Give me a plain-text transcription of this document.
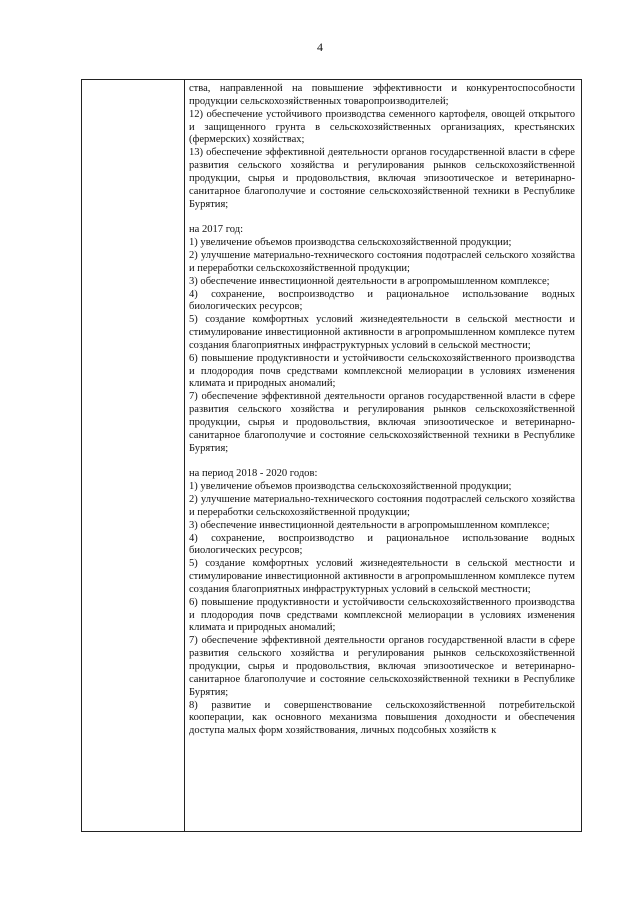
4

ства, направленной на повышение эффективности и конкурентоспособности продукции сельскохозяйственных товаропроизводителей;

12) обеспечение устойчивого производства семенного картофеля, овощей открытого и защищенного грунта в сельскохозяйственных организациях, крестьянских (фермерских) хозяйствах;

13) обеспечение эффективной деятельности органов государственной власти в сфере развития сельского хозяйства и регулирования рынков сельскохозяйственной продукции, сырья и продовольствия, включая эпизоотическое и ветеринарно-санитарное благополучие и состояние сельскохозяйственной техники в Республике Бурятия;

на 2017 год:

1) увеличение объемов производства сельскохозяйственной продукции;

2) улучшение материально-технического состояния подотраслей сельского хозяйства и переработки сельскохозяйственной продукции;

3) обеспечение инвестиционной деятельности в агропромышленном комплексе;

4) сохранение, воспроизводство и рациональное использование водных биологических ресурсов;

5) создание комфортных условий жизнедеятельности в сельской местности и стимулирование инвестиционной активности в агропромышленном комплексе путем создания благоприятных инфраструктурных условий в сельской местности;

6) повышение продуктивности и устойчивости сельскохозяйственного производства и плодородия почв средствами комплексной мелиорации в условиях изменения климата и природных аномалий;

7) обеспечение эффективной деятельности органов государственной власти в сфере развития сельского хозяйства и регулирования рынков сельскохозяйственной продукции, сырья и продовольствия, включая эпизоотическое и ветеринарно-санитарное благополучие и состояние сельскохозяйственной техники в Республике Бурятия;

на период 2018 - 2020 годов:

1) увеличение объемов производства сельскохозяйственной продукции;

2) улучшение материально-технического состояния подотраслей сельского хозяйства и переработки сельскохозяйственной продукции;

3) обеспечение инвестиционной деятельности в агропромышленном комплексе;

4) сохранение, воспроизводство и рациональное использование водных биологических ресурсов;

5) создание комфортных условий жизнедеятельности в сельской местности и стимулирование инвестиционной активности в агропромышленном комплексе путем создания благоприятных инфраструктурных условий в сельской местности;

6) повышение продуктивности и устойчивости сельскохозяйственного производства и плодородия почв средствами комплексной мелиорации в условиях изменения климата и природных аномалий;

7) обеспечение эффективной деятельности органов государственной власти в сфере развития сельского хозяйства и регулирования рынков сельскохозяйственной продукции, сырья и продовольствия, включая эпизоотическое и ветеринарно-санитарное благополучие и состояние сельскохозяйственной техники в Республике Бурятия;

8) развитие и совершенствование сельскохозяйственной потребительской кооперации, как основного механизма повышения доходности и обеспечения доступа малых форм хозяйствования, личных подсобных хозяйств к
